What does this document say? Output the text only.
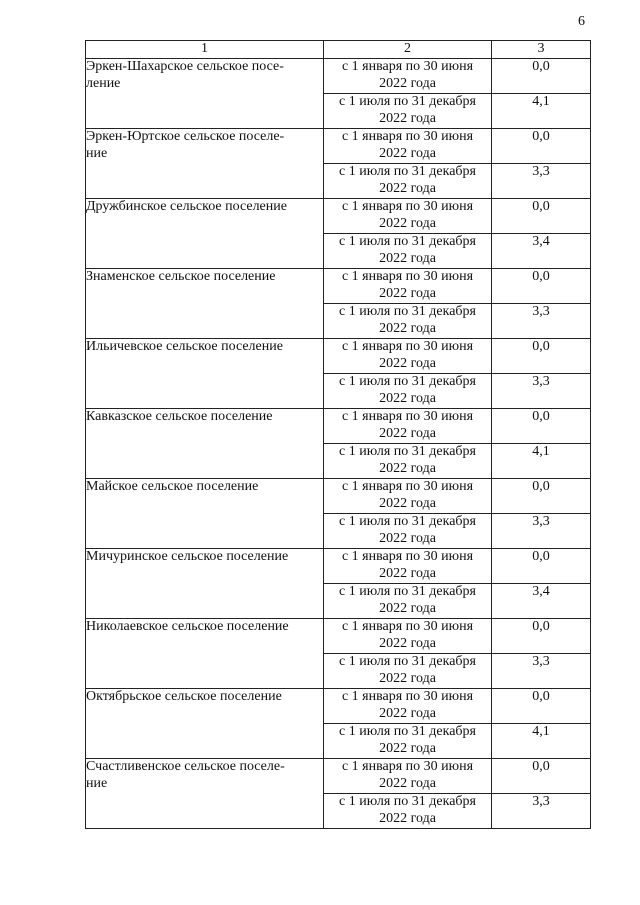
6
1	2	3

Эркен-Шахарское сельское посе-
ление	с 1 января по 30 июня
2022 года	0,0

	с 1 июля по 31 декабря
2022 года	4,1

Эркен-Юртское сельское поселе-
ние	с 1 января по 30 июня
2022 года	0,0

	с 1 июля по 31 декабря
2022 года	3,3

Дружбинское сельское поселение	с 1 января по 30 июня
2022 года	0,0

	с 1 июля по 31 декабря
2022 года	3,4

Знаменское сельское поселение	с 1 января по 30 июня
2022 года	0,0

	с 1 июля по 31 декабря
2022 года	3,3

Ильичевское сельское поселение	с 1 января по 30 июня
2022 года	0,0

	с 1 июля по 31 декабря
2022 года	3,3

Кавказское сельское поселение	с 1 января по 30 июня
2022 года	0,0

	с 1 июля по 31 декабря
2022 года	4,1

Майское сельское поселение	с 1 января по 30 июня
2022 года	0,0

	с 1 июля по 31 декабря
2022 года	3,3

Мичуринское сельское поселение	с 1 января по 30 июня
2022 года	0,0

	с 1 июля по 31 декабря
2022 года	3,4

Николаевское сельское поселение	с 1 января по 30 июня
2022 года	0,0

	с 1 июля по 31 декабря
2022 года	3,3

Октябрьское сельское поселение	с 1 января по 30 июня
2022 года	0,0

	с 1 июля по 31 декабря
2022 года	4,1

Счастливенское сельское поселе-
ние	с 1 января по 30 июня
2022 года	0,0

	с 1 июля по 31 декабря
2022 года	3,3
